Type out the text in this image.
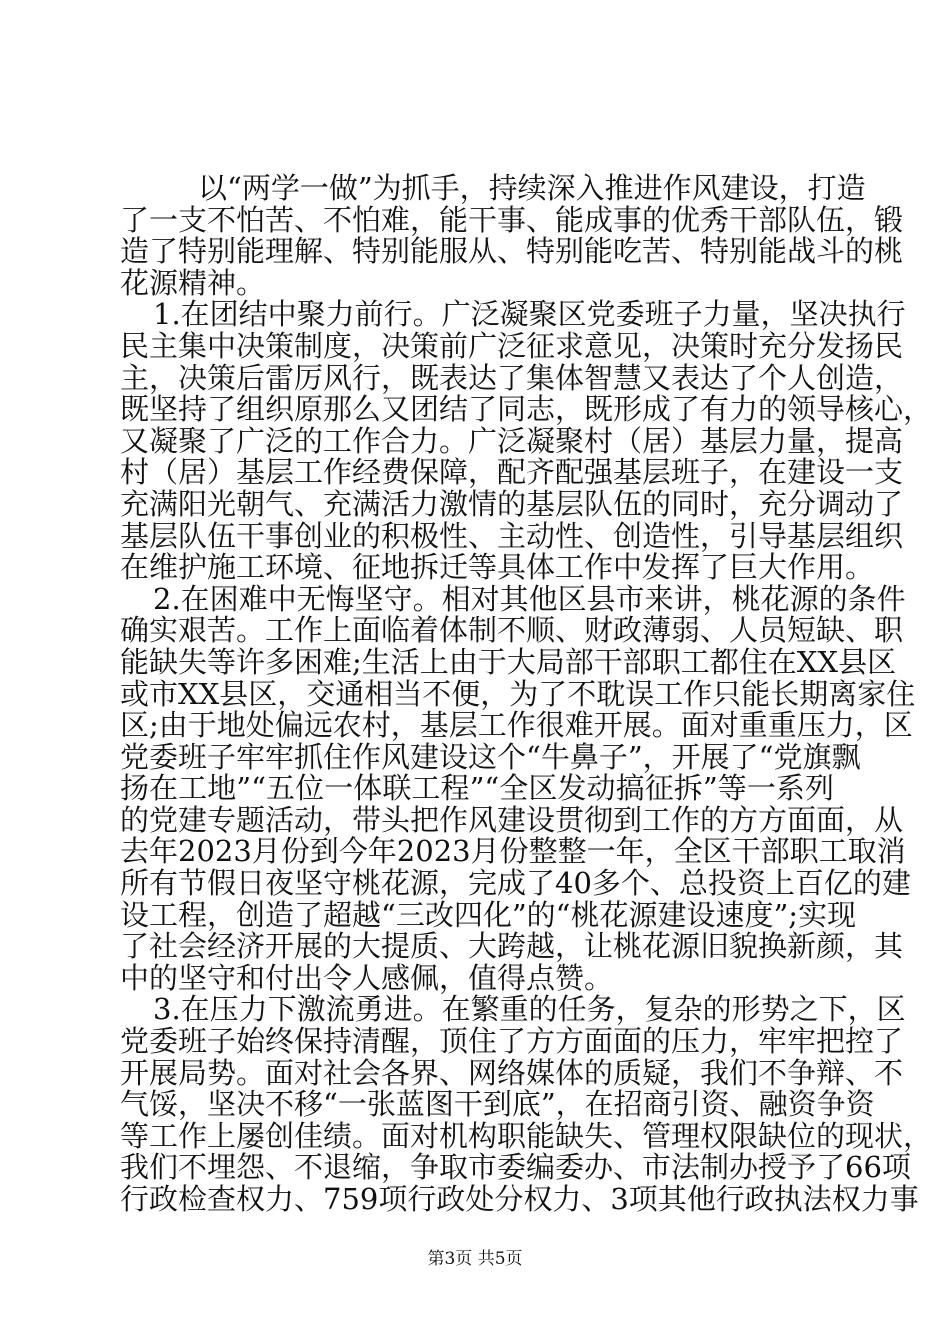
以“两学一做”为抓手，持续深入推进作风建设，打造
了一支不怕苦、不怕难，能干事、能成事的优秀干部队伍，锻
造了特别能理解、特别能服从、特别能吃苦、特别能战斗的桃
花源精神。
1.在团结中聚力前行。广泛凝聚区党委班子力量，坚决执行
民主集中决策制度，决策前广泛征求意见，决策时充分发扬民
主，决策后雷厉风行，既表达了集体智慧又表达了个人创造，
既坚持了组织原那么又团结了同志，既形成了有力的领导核心，
又凝聚了广泛的工作合力。广泛凝聚村（居）基层力量，提高
村（居）基层工作经费保障，配齐配强基层班子，在建设一支
充满阳光朝气、充满活力激情的基层队伍的同时，充分调动了
基层队伍干事创业的积极性、主动性、创造性，引导基层组织
在维护施工环境、征地拆迁等具体工作中发挥了巨大作用。
2.在困难中无悔坚守。相对其他区县市来讲，桃花源的条件
确实艰苦。工作上面临着体制不顺、财政薄弱、人员短缺、职
能缺失等许多困难;生活上由于大局部干部职工都住在XX县区
或市XX县区，交通相当不便，为了不耽误工作只能长期离家住
区;由于地处偏远农村，基层工作很难开展。面对重重压力，区
党委班子牢牢抓住作风建设这个“牛鼻子”，开展了“党旗飘
扬在工地”“五位一体联工程”“全区发动搞征拆”等一系列
的党建专题活动，带头把作风建设贯彻到工作的方方面面，从
去年2023月份到今年2023月份整整一年，全区干部职工取消
所有节假日夜坚守桃花源，完成了40多个、总投资上百亿的建
设工程，创造了超越“三改四化”的“桃花源建设速度”;实现
了社会经济开展的大提质、大跨越，让桃花源旧貌换新颜，其
中的坚守和付出令人感佩，值得点赞。
3.在压力下激流勇进。在繁重的任务，复杂的形势之下，区
党委班子始终保持清醒，顶住了方方面面的压力，牢牢把控了
开展局势。面对社会各界、网络媒体的质疑，我们不争辩、不
气馁，坚决不移“一张蓝图干到底”，在招商引资、融资争资
等工作上屡创佳绩。面对机构职能缺失、管理权限缺位的现状，
我们不埋怨、不退缩，争取市委编委办、市法制办授予了66项
行政检查权力、759项行政处分权力、3项其他行政执法权力事
第3页 共5页
